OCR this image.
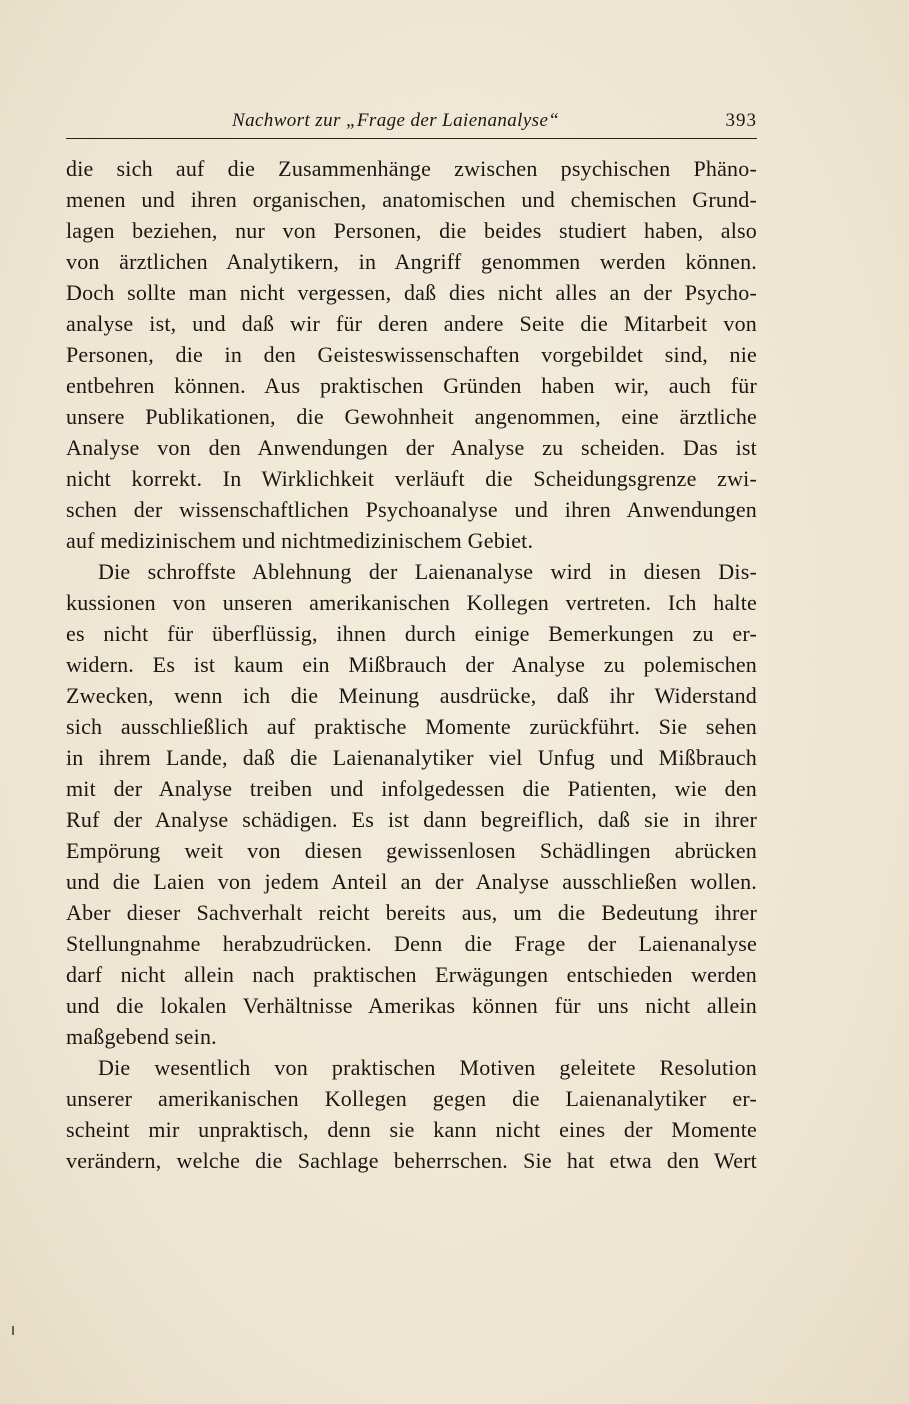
Nachwort zur „Frage der Laienanalyse“	393
die sich auf die Zusammenhänge zwischen psychischen Phäno-
menen und ihren organischen, anatomischen und chemischen Grund-
lagen beziehen, nur von Personen, die beides studiert haben, also
von ärztlichen Analytikern, in Angriff genommen werden können.
Doch sollte man nicht vergessen, daß dies nicht alles an der Psycho-
analyse ist, und daß wir für deren andere Seite die Mitarbeit von
Personen, die in den Geisteswissenschaften vorgebildet sind, nie
entbehren können. Aus praktischen Gründen haben wir, auch für
unsere Publikationen, die Gewohnheit angenommen, eine ärztliche
Analyse von den Anwendungen der Analyse zu scheiden. Das ist
nicht korrekt. In Wirklichkeit verläuft die Scheidungsgrenze zwi-
schen der wissenschaftlichen Psychoanalyse und ihren Anwendungen
auf medizinischem und nichtmedizinischem Gebiet.
Die schroffste Ablehnung der Laienanalyse wird in diesen Dis-
kussionen von unseren amerikanischen Kollegen vertreten. Ich halte
es nicht für überflüssig, ihnen durch einige Bemerkungen zu er-
widern. Es ist kaum ein Mißbrauch der Analyse zu polemischen
Zwecken, wenn ich die Meinung ausdrücke, daß ihr Widerstand
sich ausschließlich auf praktische Momente zurückführt. Sie sehen
in ihrem Lande, daß die Laienanalytiker viel Unfug und Mißbrauch
mit der Analyse treiben und infolgedessen die Patienten, wie den
Ruf der Analyse schädigen. Es ist dann begreiflich, daß sie in ihrer
Empörung weit von diesen gewissenlosen Schädlingen abrücken
und die Laien von jedem Anteil an der Analyse ausschließen wollen.
Aber dieser Sachverhalt reicht bereits aus, um die Bedeutung ihrer
Stellungnahme herabzudrücken. Denn die Frage der Laienanalyse
darf nicht allein nach praktischen Erwägungen entschieden werden
und die lokalen Verhältnisse Amerikas können für uns nicht allein
maßgebend sein.
Die wesentlich von praktischen Motiven geleitete Resolution
unserer amerikanischen Kollegen gegen die Laienanalytiker er-
scheint mir unpraktisch, denn sie kann nicht eines der Momente
verändern, welche die Sachlage beherrschen. Sie hat etwa den Wert
